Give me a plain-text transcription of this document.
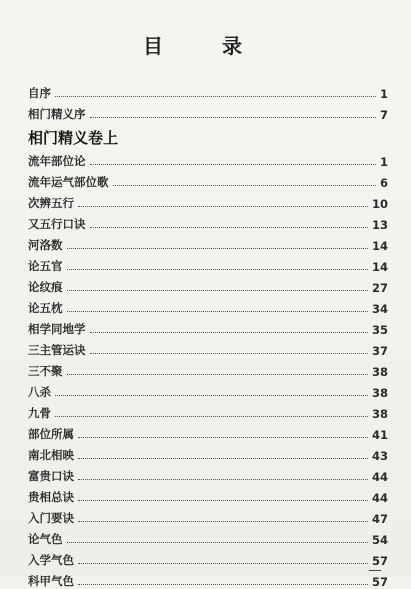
目 录
自序	1
相门精义序	7
相门精义卷上
流年部位论	1
流年运气部位歌	6
次辨五行	10
又五行口诀	13
河洛数	14
论五官	14
论纹痕	27
论五枕	34
相学同地学	35
三主管运诀	37
三不聚	38
八杀	38
九骨	38
部位所属	41
南北相映	43
富贵口诀	44
贵相总诀	44
入门要诀	47
论气色	54
入学气色	57
科甲气色	57
